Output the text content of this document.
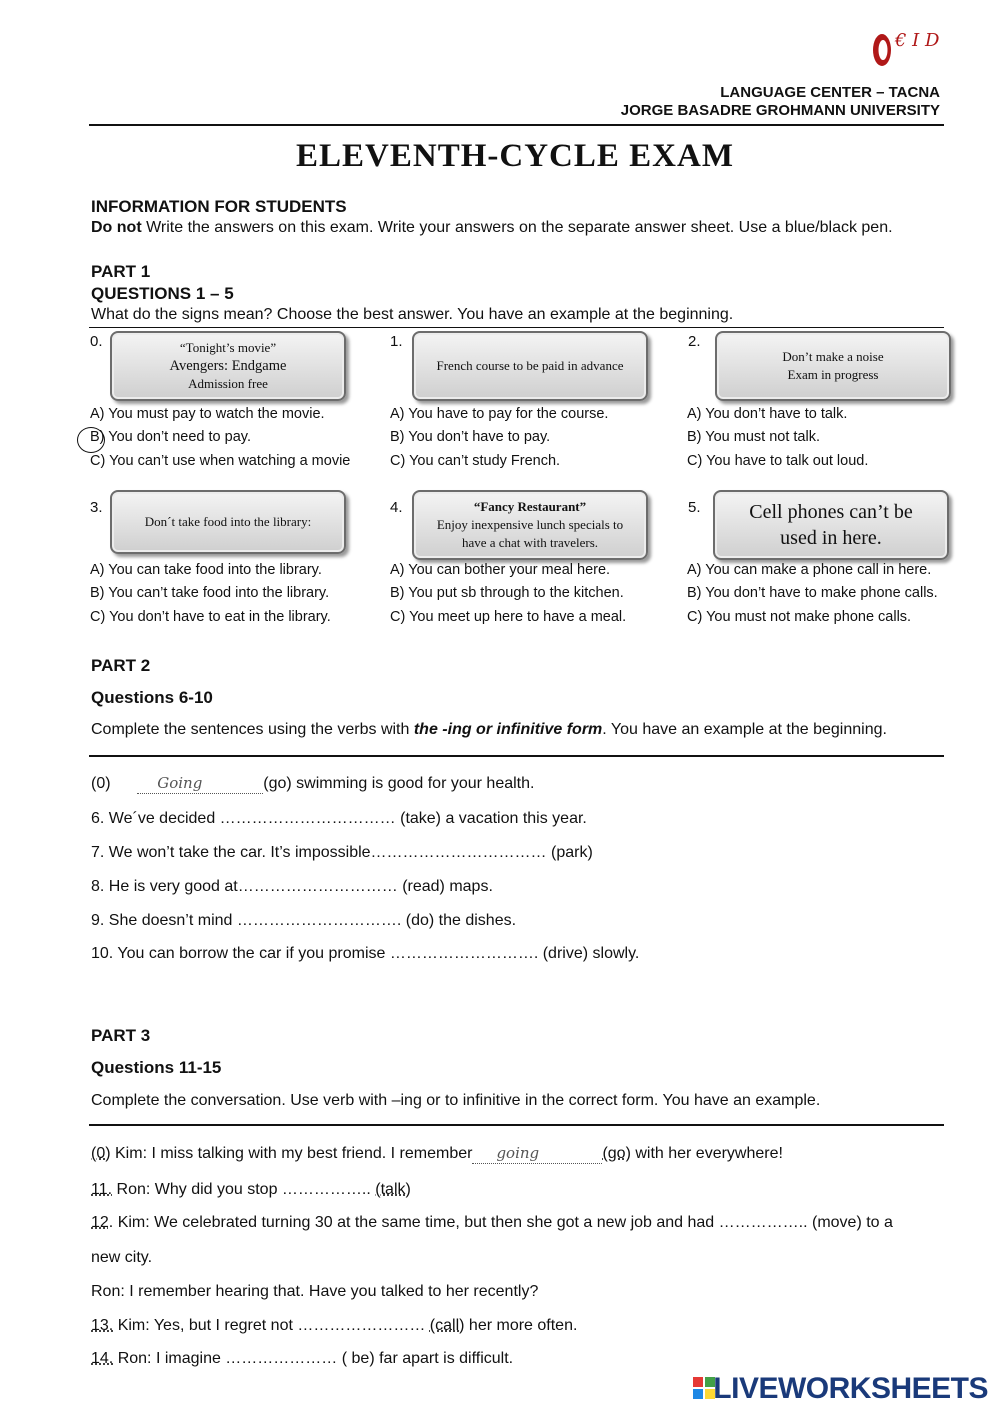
€ I D
LANGUAGE CENTER – TACNA
JORGE BASADRE GROHMANN UNIVERSITY
ELEVENTH-CYCLE EXAM
INFORMATION FOR STUDENTS
Do not Write the answers on this exam. Write your answers on the separate answer sheet. Use a blue/black pen.
PART 1
QUESTIONS 1 – 5
What do the signs mean? Choose the best answer. You have an example at the beginning.
0.	“Tonight’s movie”
Avengers: Endgame
Admission free
1.
French course to be paid in advance
2.
Don’t make a noise
Exam in progress
A) You must pay to watch the movie.
B) You don’t need to pay.
C) You can’t use when watching a movie
A) You have to pay for the course.
B) You don’t have to pay.
C) You can’t study French.
A) You don’t have to talk.
B) You must not talk.
C) You have to talk out loud.
3.
Don´t take food into the library:
4.	“Fancy Restaurant”
Enjoy inexpensive lunch specials to
have a chat with travelers.
5. Cell phones can’t be
used in here.
A) You can take food into the library.
B) You can’t take food into the library.
C) You don’t have to eat in the library.
A) You can bother your meal here.
B) You put sb through to the kitchen.
C) You meet up here to have a meal.
A) You can make a phone call in here.
B) You don’t have to make phone calls.
C) You must not make phone calls.
PART 2
Questions 6-10
Complete the sentences using the verbs with the -ing or infinitive form. You have an example at the beginning.
(0)	Going	(go) swimming is good for your health.
6. We´ve decided …………………………… (take) a vacation this year.
7. We won’t take the car. It’s impossible…………………………… (park)
8. He is very good at………………………… (read) maps.
9. She doesn’t mind …………………………. (do) the dishes.
10. You can borrow the car if you promise ………………………. (drive) slowly.
PART 3
Questions 11-15
Complete the conversation. Use verb with –ing or to infinitive in the correct form. You have an example.
(0) Kim: I miss talking with my best friend. I remember going	(go) with her everywhere!
11. Ron: Why did you stop …………….. (talk)
12. Kim: We celebrated turning 30 at the same time, but then she got a new job and had …………….. (move) to a
new city.
Ron: I remember hearing that. Have you talked to her recently?
13. Kim: Yes, but I regret not …………………… (call) her more often.
14. Ron: I imagine ………………… ( be) far apart is difficult.
LIVEWORKSHEETS
